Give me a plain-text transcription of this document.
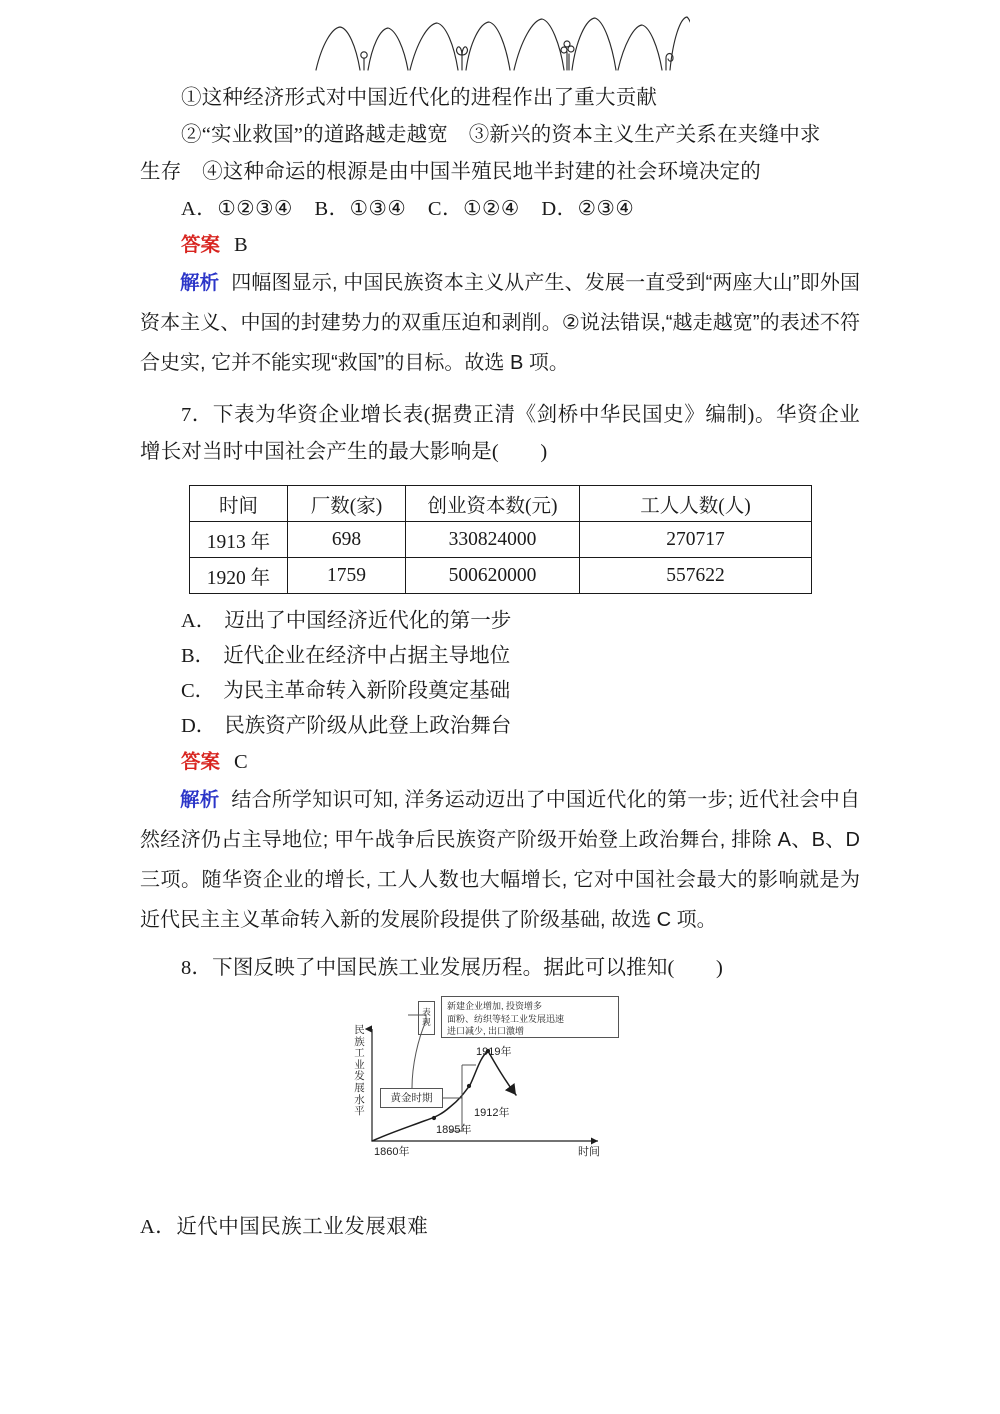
①这种经济形式对中国近代化的进程作出了重大贡献
②“实业救国”的道路越走越宽　③新兴的资本主义生产关系在夹缝中求
生存　④这种命运的根源是由中国半殖民地半封建的社会环境决定的
A．①②③④ B．①③④ C．①②④ D．②③④
答案 B
解析 四幅图显示, 中国民族资本主义从产生、发展一直受到“两座大山”即外国资本主义、中国的封建势力的双重压迫和剥削。②说法错误,“越走越宽”的表述不符合史实, 它并不能实现“救国”的目标。故选 B 项。
7．下表为华资企业增长表(据费正清《剑桥中华民国史》编制)。华资企业增长对当时中国社会产生的最大影响是(　　)
时间	厂数(家)	创业资本数(元)	工人人数(人)
1913 年	698	330824000	270717
1920 年	1759	500620000	557622
A． 迈出了中国经济近代化的第一步
B． 近代企业在经济中占据主导地位
C． 为民主革命转入新阶段奠定基础
D． 民族资产阶级从此登上政治舞台
答案 C
解析 结合所学知识可知, 洋务运动迈出了中国近代化的第一步; 近代社会中自然经济仍占主导地位; 甲午战争后民族资产阶级开始登上政治舞台, 排除 A、B、D 三项。随华资企业的增长, 工人人数也大幅增长, 它对中国社会最大的影响就是为近代民主主义革命转入新的发展阶段提供了阶级基础, 故选 C 项。
8．下图反映了中国民族工业发展历程。据此可以推知(　　)
民
族
工
业
发
展
水
平
表
现
新建企业增加, 投资增多
面粉、纺织等轻工业发展迅速
进口减少, 出口激增
黄金时期
1919年
1912年
1895年
1860年	时间
A．近代中国民族工业发展艰难
